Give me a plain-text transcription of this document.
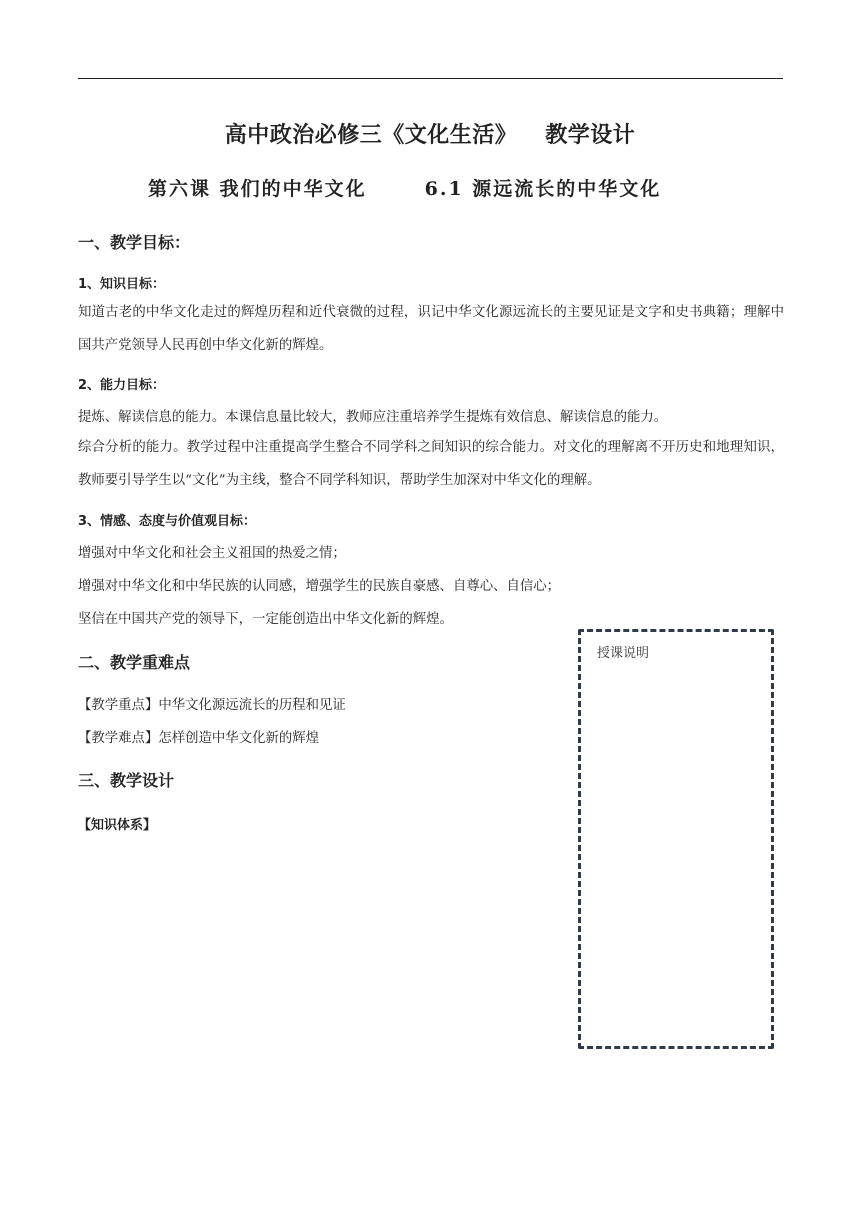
高中政治必修三《文化生活》 教学设计
第六课 我们的中华文化	6.1 源远流长的中华文化
一、教学目标：
1、知识目标：
知道古老的中华文化走过的辉煌历程和近代衰微的过程，识记中华文化源远流长的主要见证是文字和史书典籍；理解中国共产党领导人民再创中华文化新的辉煌。
2、能力目标：
提炼、解读信息的能力。本课信息量比较大，教师应注重培养学生提炼有效信息、解读信息的能力。
综合分析的能力。教学过程中注重提高学生整合不同学科之间知识的综合能力。对文化的理解离不开历史和地理知识，教师要引导学生以“文化”为主线，整合不同学科知识，帮助学生加深对中华文化的理解。
3、情感、态度与价值观目标：
增强对中华文化和社会主义祖国的热爱之情；
增强对中华文化和中华民族的认同感，增强学生的民族自豪感、自尊心、自信心；
坚信在中国共产党的领导下，一定能创造出中华文化新的辉煌。
二、教学重难点
【教学重点】中华文化源远流长的历程和见证
【教学难点】怎样创造中华文化新的辉煌
三、教学设计
【知识体系】
授课说明
